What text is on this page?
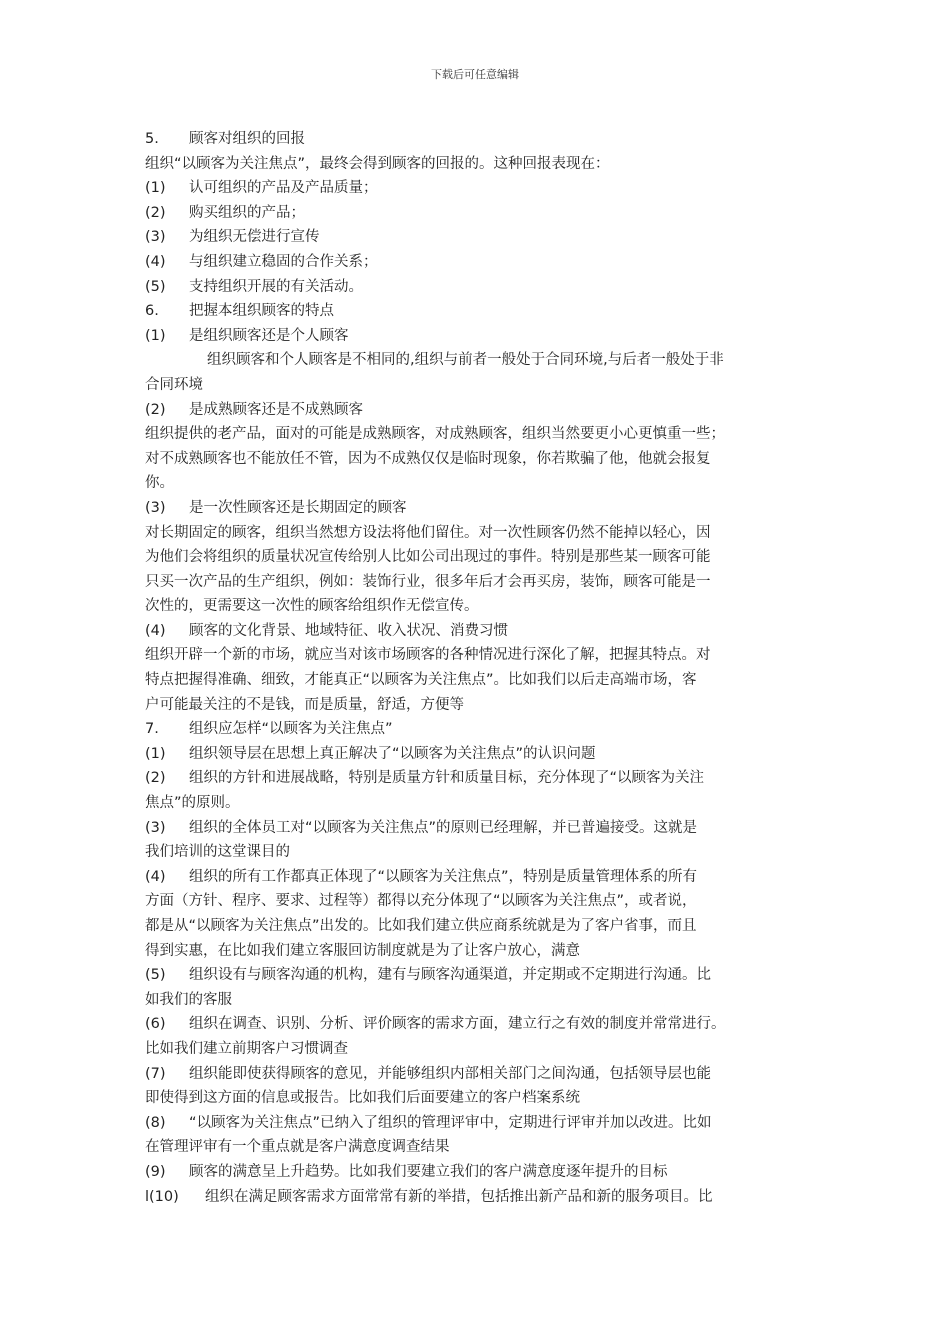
下载后可任意编辑
5. 顾客对组织的回报
组织“以顾客为关注焦点”，最终会得到顾客的回报的。这种回报表现在：
(1) 认可组织的产品及产品质量；
(2) 购买组织的产品；
(3) 为组织无偿进行宣传
(4) 与组织建立稳固的合作关系；
(5) 支持组织开展的有关活动。
6. 把握本组织顾客的特点
(1) 是组织顾客还是个人顾客
组织顾客和个人顾客是不相同的,组织与前者一般处于合同环境,与后者一般处于非
合同环境
(2) 是成熟顾客还是不成熟顾客
组织提供的老产品，面对的可能是成熟顾客，对成熟顾客，组织当然要更小心更慎重一些；
对不成熟顾客也不能放任不管，因为不成熟仅仅是临时现象，你若欺骗了他，他就会报复
你。
(3) 是一次性顾客还是长期固定的顾客
对长期固定的顾客，组织当然想方设法将他们留住。对一次性顾客仍然不能掉以轻心，因
为他们会将组织的质量状况宣传给别人比如公司出现过的事件。特别是那些某一顾客可能
只买一次产品的生产组织，例如：装饰行业，很多年后才会再买房，装饰，顾客可能是一
次性的，更需要这一次性的顾客给组织作无偿宣传。
(4) 顾客的文化背景、地域特征、收入状况、消费习惯
组织开辟一个新的市场，就应当对该市场顾客的各种情况进行深化了解，把握其特点。对
特点把握得准确、细致，才能真正“以顾客为关注焦点”。比如我们以后走高端市场，客
户可能最关注的不是钱，而是质量，舒适，方便等
7. 组织应怎样“以顾客为关注焦点”
(1) 组织领导层在思想上真正解决了“以顾客为关注焦点”的认识问题
(2) 组织的方针和进展战略，特别是质量方针和质量目标，充分体现了“以顾客为关注
焦点”的原则。
(3) 组织的全体员工对“以顾客为关注焦点”的原则已经理解，并已普遍接受。这就是
我们培训的这堂课目的
(4) 组织的所有工作都真正体现了“以顾客为关注焦点”，特别是质量管理体系的所有
方面（方针、程序、要求、过程等）都得以充分体现了“以顾客为关注焦点”，或者说，
都是从“以顾客为关注焦点”出发的。比如我们建立供应商系统就是为了客户省事，而且
得到实惠，在比如我们建立客服回访制度就是为了让客户放心，满意
(5) 组织设有与顾客沟通的机构，建有与顾客沟通渠道，并定期或不定期进行沟通。比
如我们的客服
(6) 组织在调查、识别、分析、评价顾客的需求方面，建立行之有效的制度并常常进行。
比如我们建立前期客户习惯调查
(7) 组织能即使获得顾客的意见，并能够组织内部相关部门之间沟通，包括领导层也能
即使得到这方面的信息或报告。比如我们后面要建立的客户档案系统
(8) “以顾客为关注焦点”已纳入了组织的管理评审中，定期进行评审并加以改进。比如
在管理评审有一个重点就是客户满意度调查结果
(9) 顾客的满意呈上升趋势。比如我们要建立我们的客户满意度逐年提升的目标
l(10) 组织在满足顾客需求方面常常有新的举措，包括推出新产品和新的服务项目。比
